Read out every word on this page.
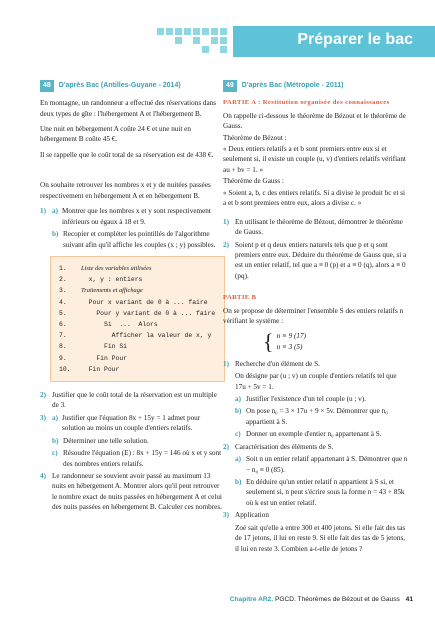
Préparer le bac
48	D'après Bac (Antilles-Guyane - 2014)

En montagne, un randonneur a effectué des réservations dans deux types de gîte : l'hébergement A et l'hébergement B.

Une nuit en hébergement A coûte 24 € et une nuit en hébergement B coûte 45 €.

Il se rappelle que le coût total de sa réservation est de 438 €.

On souhaite retrouver les nombres x et y de nuitées passées respectivement en hébergement A et en hébergement B.

1) a) Montrer que les nombres x et y sont respectivement inférieurs ou égaux à 18 et 9.
b) Recopier et compléter les pointillés de l'algorithme suivant afin qu'il affiche les couples (x ; y) possibles.
1.	Liste des variables utilisées
2.	x, y : entiers
3.	Traitements et affichage
4.	Pour x variant de 0 à ... faire
5.	Pour y variant de 0 à ... faire
6.	Si  ...  Alors
7.	Afficher la valeur de x, y
8.	Fin Si
9.	Fin Pour
10.	Fin Pour
2) Justifier que le coût total de la réservation est un multiple de 3.
3) a) Justifier que l'équation 8x + 15y = 1 admet pour solution au moins un couple d'entiers relatifs.
b) Déterminer une telle solution.
c) Résoudre l'équation (E) : 8x + 15y = 146 où x et y sont des nombres entiers relatifs.
4) Le randonneur se souvient avoir passé au maximum 13 nuits en hébergement A. Montrer alors qu'il peut retrouver le nombre exact de nuits passées en hébergement A et celui des nuits passées en hébergement B. Calculer ces nombres.
49	D'après Bac (Métropole - 2011)
PARTIE A : Restitution organisée des connaissances

On rappelle ci-dessous le théorème de Bézout et le théorème de Gauss.

Théorème de Bézout :

« Deux entiers relatifs a et b sont premiers entre eux si et seulement si, il existe un couple (u, v) d'entiers relatifs vérifiant au + bv = 1. »

Théorème de Gauss :

« Soient a, b, c des entiers relatifs. Si a divise le produit bc et si a et b sont premiers entre eux, alors a divise c. »

1) En utilisant le théorème de Bézout, démontrer le théorème de Gauss.
2) Soient p et q deux entiers naturels tels que p et q sont premiers entre eux. Déduire du théorème de Gauss que, si a est un entier relatif, tel que a ≡ 0 (p) et a ≡ 0 (q), alors a ≡ 0 (pq).
PARTIE B

On se propose de déterminer l'ensemble S des entiers relatifs n vérifiant le système :

{ n ≡ 9 (17)
n ≡ 3 (5)
1) Recherche d'un élément de S.
On désigne par (u ; v) un couple d'entiers relatifs tel que 17u + 5v = 1.
a) Justifier l'existence d'un tel couple (u ; v).
b) On pose n₀ = 3 × 17u + 9 × 5v. Démontrer que n₀ appartient à S.
c) Donner un exemple d'entier n₀ appartenant à S.
2) Caractérisation des éléments de S.
a) Soit n un entier relatif appartenant à S. Démontrer que n − n₀ ≡ 0 (85).
b) En déduire qu'un entier relatif n appartient à S si, et seulement si, n peut s'écrire sous la forme n = 43 + 85k où k est un entier relatif.
3) Application
Zoé sait qu'elle a entre 300 et 400 jetons. Si elle fait des tas de 17 jetons, il lui en reste 9. Si elle fait des tas de 5 jetons, il lui en reste 3. Combien a-t-elle de jetons ?
Chapitre AR2. PGCD. Théorèmes de Bézout et de Gauss 41
